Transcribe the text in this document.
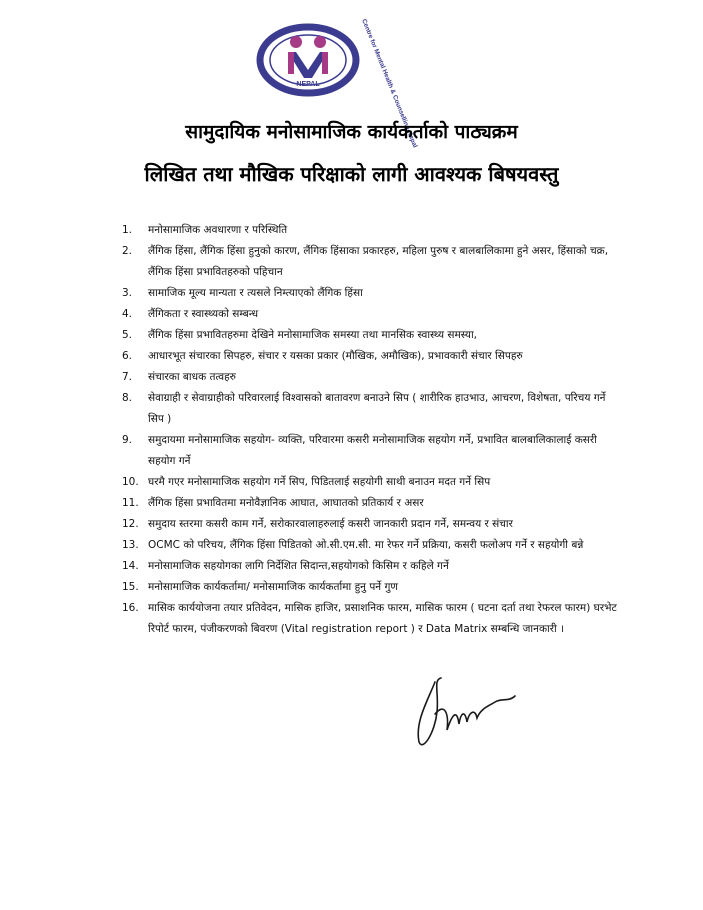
NEPAL	Centre for Mental Health & Counselling-Nepal
सामुदायिक मनोसामाजिक कार्यकर्ताको पाठ्यक्रम
लिखित तथा मौखिक परिक्षाको लागी आवश्यक बिषयवस्तु
1.	मनोसामाजिक अवधारणा र परिस्थिति
2.	लैंगिक हिंसा, लैंगिक हिंसा हुनुको कारण, लैंगिक हिंसाका प्रकारहरु, महिला पुरुष र बालबालिकामा हुने असर, हिंसाको चक्र, लैंगिक हिंसा प्रभावितहरुको पहिचान
3.	सामाजिक मूल्य मान्यता र त्यसले निम्त्याएको लैंगिक हिंसा
4.	लैंगिकता र स्वास्थ्यको सम्बन्ध
5.	लैंगिक हिंसा प्रभावितहरुमा देखिने मनोसामाजिक समस्या तथा मानसिक स्वास्थ्य समस्या,
6.	आधारभूत संचारका सिपहरु, संचार र यसका प्रकार (मौखिक, अमौखिक), प्रभावकारी संचार सिपहरु
7.	संचारका बाधक तत्वहरु
8.	सेवाग्राही र सेवाग्राहीको परिवारलाई विश्वासको बातावरण बनाउने सिप ( शारीरिक हाउभाउ, आचरण, विशेषता, परिचय गर्ने सिप )
9.	समुदायमा मनोसामाजिक सहयोग- व्यक्ति, परिवारमा कसरी मनोसामाजिक सहयोग गर्ने, प्रभावित बालबालिकालाई कसरी सहयोग गर्ने
10. घरमै गएर मनोसामाजिक सहयोग गर्ने सिप, पिडितलाई सहयोगी साथी बनाउन मदत गर्ने सिप
11. लैंगिक हिंसा प्रभावितमा मनोवैज्ञानिक आघात, आघातको प्रतिकार्य र असर
12. समुदाय स्तरमा कसरी काम गर्ने, सरोकारवालाहरुलाई कसरी जानकारी प्रदान गर्ने, समन्वय र संचार
13. OCMC को परिचय, लैंगिक हिंसा पिडितको ओ.सी.एम.सी. मा रेफर गर्ने प्रक्रिया, कसरी फलोअप गर्ने र सहयोगी बन्ने
14. मनोसामाजिक सहयोगका लागि निर्देशित सिदान्त,सहयोगको किसिम र कहिले गर्ने
15. मनोसामाजिक कार्यकर्तामा/ मनोसामाजिक कार्यकर्तामा हुनु पर्ने गुण
16. मासिक कार्ययोजना तयार प्रतिवेदन, मासिक हाजिर, प्रसाशनिक फारम, मासिक फारम ( घटना दर्ता तथा रेफरल फारम) घरभेट रिपोर्ट फारम, पंजीकरणको बिवरण (Vital registration report ) र Data Matrix सम्बन्धि जानकारी ।
